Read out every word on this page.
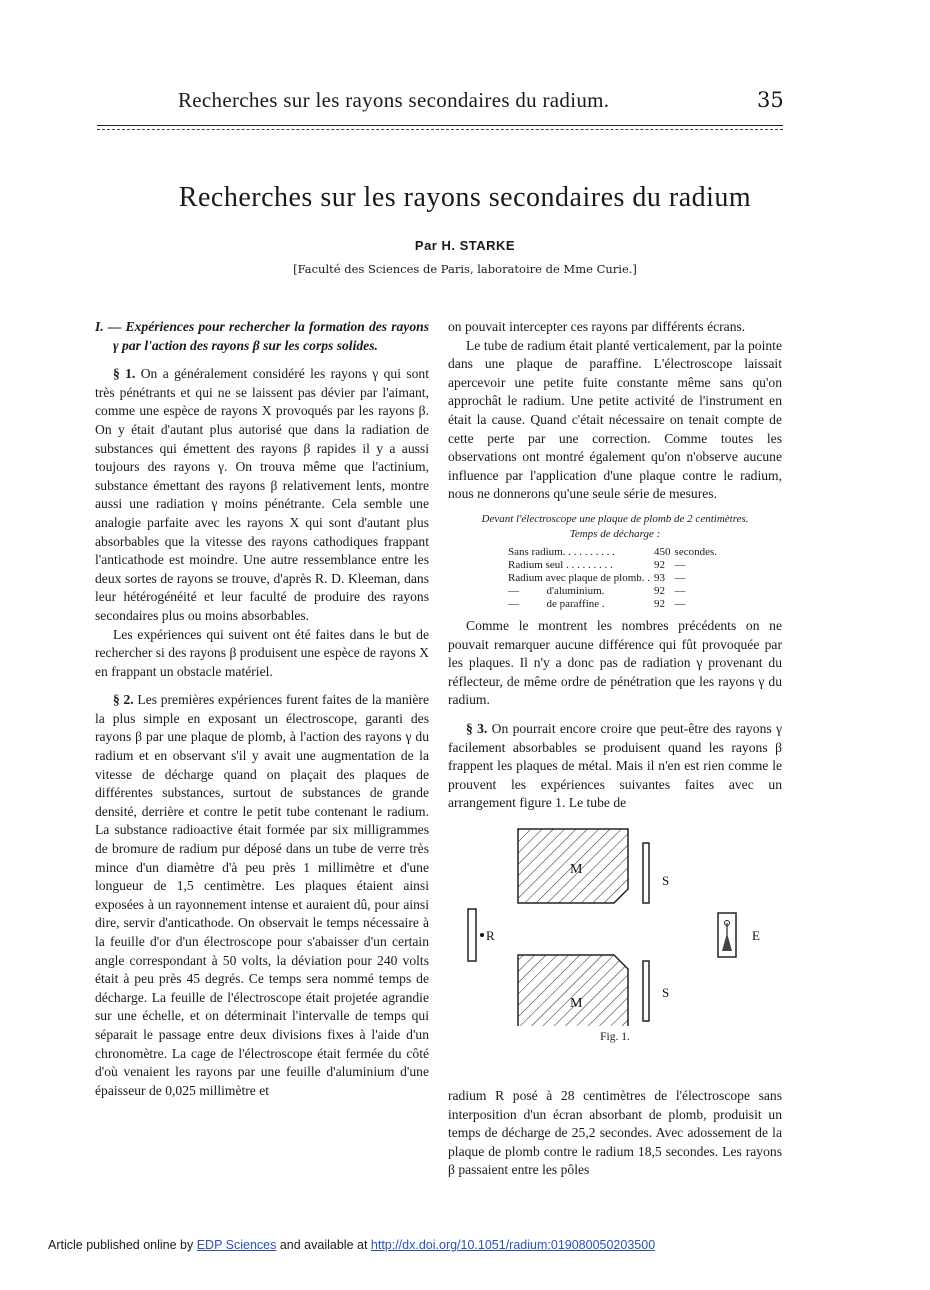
Recherches sur les rayons secondaires du radium.	35
Recherches sur les rayons secondaires du radium
Par H. STARKE
[Faculté des Sciences de Paris, laboratoire de Mme Curie.]

I. — Expériences pour rechercher la formation des rayons γ par l'action des rayons β sur les corps solides.

§ 1. On a généralement considéré les rayons γ qui sont très pénétrants et qui ne se laissent pas dévier par l'aimant, comme une espèce de rayons X provoqués par les rayons β. On y était d'autant plus autorisé que dans la radiation de substances qui émettent des rayons β rapides il y a aussi toujours des rayons γ. On trouva même que l'actinium, substance émettant des rayons β relativement lents, montre aussi une radiation γ moins pénétrante. Cela semble une analogie parfaite avec les rayons X qui sont d'autant plus absorbables que la vitesse des rayons cathodiques frappant l'anticathode est moindre. Une autre ressemblance entre les deux sortes de rayons se trouve, d'après R. D. Kleeman, dans leur hétérogénéité et leur faculté de produire des rayons secondaires plus ou moins absorbables.

Les expériences qui suivent ont été faites dans le but de rechercher si des rayons β produisent une espèce de rayons X en frappant un obstacle matériel.

§ 2. Les premières expériences furent faites de la manière la plus simple en exposant un électroscope, garanti des rayons β par une plaque de plomb, à l'action des rayons γ du radium et en observant s'il y avait une augmentation de la vitesse de décharge quand on plaçait des plaques de différentes substances, surtout de substances de grande densité, derrière et contre le petit tube contenant le radium. La substance radioactive était formée par six milligrammes de bromure de radium pur déposé dans un tube de verre très mince d'un diamètre d'à peu près 1 millimètre et d'une longueur de 1,5 centimètre. Les plaques étaient ainsi exposées à un rayonnement intense et auraient dû, pour ainsi dire, servir d'anticathode. On observait le temps nécessaire à la feuille d'or d'un électroscope pour s'abaisser d'un certain angle correspondant à 50 volts, la déviation pour 240 volts était à peu près 45 degrés. Ce temps sera nommé temps de décharge. La feuille de l'électroscope était projetée agrandie sur une échelle, et on déterminait l'intervalle de temps qui séparait le passage entre deux divisions fixes à l'aide d'un chronomètre. La cage de l'électroscope était fermée du côté d'où venaient les rayons par une feuille d'aluminium d'une épaisseur de 0,025 millimètre et

on pouvait intercepter ces rayons par différents écrans.

Le tube de radium était planté verticalement, par la pointe dans une plaque de paraffine. L'électroscope laissait apercevoir une petite fuite constante même sans qu'on approchât le radium. Une petite activité de l'instrument en était la cause. Quand c'était nécessaire on tenait compte de cette perte par une correction. Comme toutes les observations ont montré également qu'on n'observe aucune influence par l'application d'une plaque contre le radium, nous ne donnerons qu'une seule série de mesures.

Devant l'électroscope une plaque de plomb de 2 centimètres.
Temps de décharge :
Sans radium. . . . . . . . . .	450	secondes.
Radium seul . . . . . . . . .	92	—
Radium avec plaque de plomb. .	93	—
—          d'aluminium.	92	—
—          de paraffine .	92	—

Comme le montrent les nombres précédents on ne pouvait remarquer aucune différence qui fût provoquée par les plaques. Il n'y a donc pas de radiation γ provenant du réflecteur, de même ordre de pénétration que les rayons γ du radium.

§ 3. On pourrait encore croire que peut-être des rayons γ facilement absorbables se produisent quand les rayons β frappent les plaques de métal. Mais il n'en est rien comme le prouvent les expériences suivantes faites avec un arrangement figure 1. Le tube de

M
M
S
S
R	E
Fig. 1.

radium R posé à 28 centimètres de l'électroscope sans interposition d'un écran absorbant de plomb, produisit un temps de décharge de 25,2 secondes. Avec adossement de la plaque de plomb contre le radium 18,5 secondes. Les rayons β passaient entre les pôles

Article published online by EDP Sciences and available at http://dx.doi.org/10.1051/radium:019080050203500
